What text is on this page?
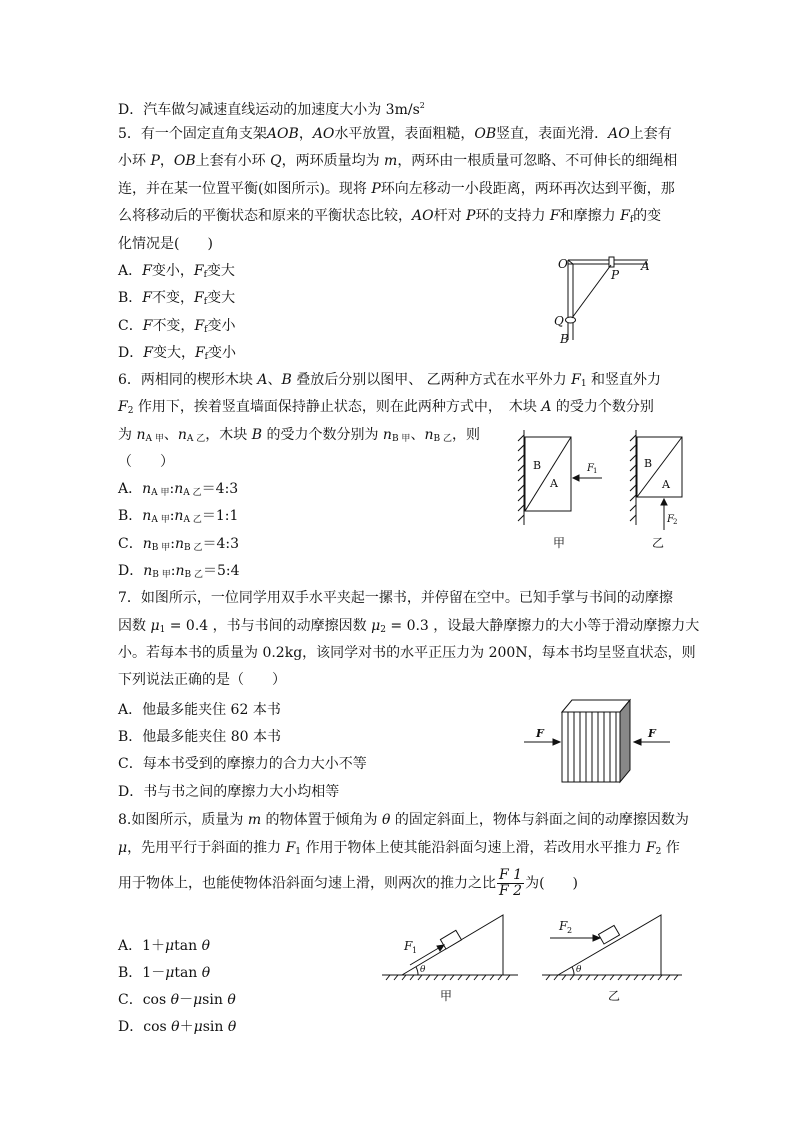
D．汽车做匀减速直线运动的加速度大小为 $3m/s^2$
5．有一个固定直角支架AOB，AO水平放置，表面粗糙，OB竖直，表面光滑．AO上套有
小环 P，OB上套有小环 Q，两环质量均为 m，两环由一根质量可忽略、不可伸长的细绳相
连，并在某一位置平衡(如图所示)。现将 P环向左移动一小段距离，两环再次达到平衡，那
么将移动后的平衡状态和原来的平衡状态比较，AO杆对 P环的支持力 F和摩擦力 $F_f$的变
化情况是(　　)
A．F变小，$F_f$变大
B．F不变，$F_f$变大
C．F不变，$F_f$变小
D．F变大，$F_f$变小
O
P
A
Q
B
6．两相同的楔形木块 A、B 叠放后分别以图甲、 乙两种方式在水平外力 $F_1$ 和竖直外力
$F_2$ 作用下，挨着竖直墙面保持静止状态，则在此两种方式中，　木块 A 的受力个数分别
为 $n_{A 甲}$、$n_{A 乙}$，木块 B 的受力个数分别为 $n_{B 甲}$、$n_{B 乙}$，则
（　　）
A．$n_{A 甲}:n_{A 乙}=4:3$
B．$n_{A 甲}:n_{A 乙}=1:1$
C．$n_{B 甲}:n_{B 乙}=4:3$
D．$n_{B 甲}:n_{B 乙}=5:4$
B
A
F 1
B
A
F 2
甲	乙
7．如图所示，一位同学用双手水平夹起一摞书，并停留在空中。已知手掌与书间的动摩擦
因数 $\mu_1 = 0.4$ ，书与书间的动摩擦因数 $\mu_2 = 0.3$ ，设最大静摩擦力的大小等于滑动摩擦力大
小。若每本书的质量为 0.2kg，该同学对书的水平正压力为 200N，每本书均呈竖直状态，则
下列说法正确的是（　　）
A．他最多能夹住 62 本书
B．他最多能夹住 80 本书
C．每本书受到的摩擦力的合力大小不等
D．书与书之间的摩擦力大小均相等
F	F
8.如图所示，质量为 m 的物体置于倾角为 θ 的固定斜面上，物体与斜面之间的动摩擦因数为
μ，先用平行于斜面的推力 $F_1$ 作用于物体上使其能沿斜面匀速上滑，若改用水平推力 $F_2$ 作
用于物体上，也能使物体沿斜面匀速上滑，则两次的推力之比 $\frac{F 1}{F 2}$ 为(　　)
A．1＋μtan θ
B．1－μtan θ
C．cos θ－μsin θ
D．cos θ＋μsin θ
F 1
θ
F 2
θ
甲	乙
